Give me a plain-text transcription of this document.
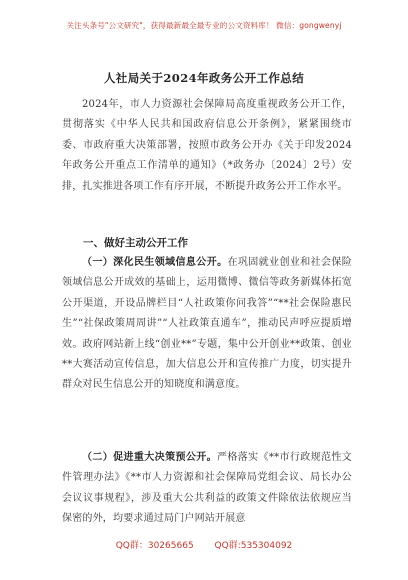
关注头条号"公文研究"，获得最新最全最专业的公文资料库！ 微信：gongwenyj
人社局关于2024年政务公开工作总结

2024年，市人力资源社会保障局高度重视政务公开工作，贯彻落实《中华人民共和国政府信息公开条例》，紧紧围绕市委、市政府重大决策部署，按照市政务公开办《关于印发2024年政务公开重点工作清单的通知》（*政务办〔2024〕2号）安排，扎实推进各项工作有序开展，不断提升政务公开工作水平。

一、做好主动公开工作

（一）深化民生领域信息公开。在巩固就业创业和社会保险领域信息公开成效的基础上，运用微博、微信等政务新媒体拓宽公开渠道，开设品牌栏目“人社政策你问我答”“**社会保险惠民生”“社保政策周周讲”“人社政策直通车”，推动民声呼应提质增效。政府网站新上线“创业**”专题，集中公开创业**政策、创业**大赛活动宣传信息，加大信息公开和宣传推广力度，切实提升群众对民生信息公开的知晓度和满意度。

（二）促进重大决策预公开。严格落实《**市行政规范性文件管理办法》《**市人力资源和社会保障局党组会议、局长办公会议议事规程》，涉及重大公共利益的政策文件除依法依规应当保密的外，均要求通过局门户网站开展意

QQ群：30265665 QQ群:535304092
